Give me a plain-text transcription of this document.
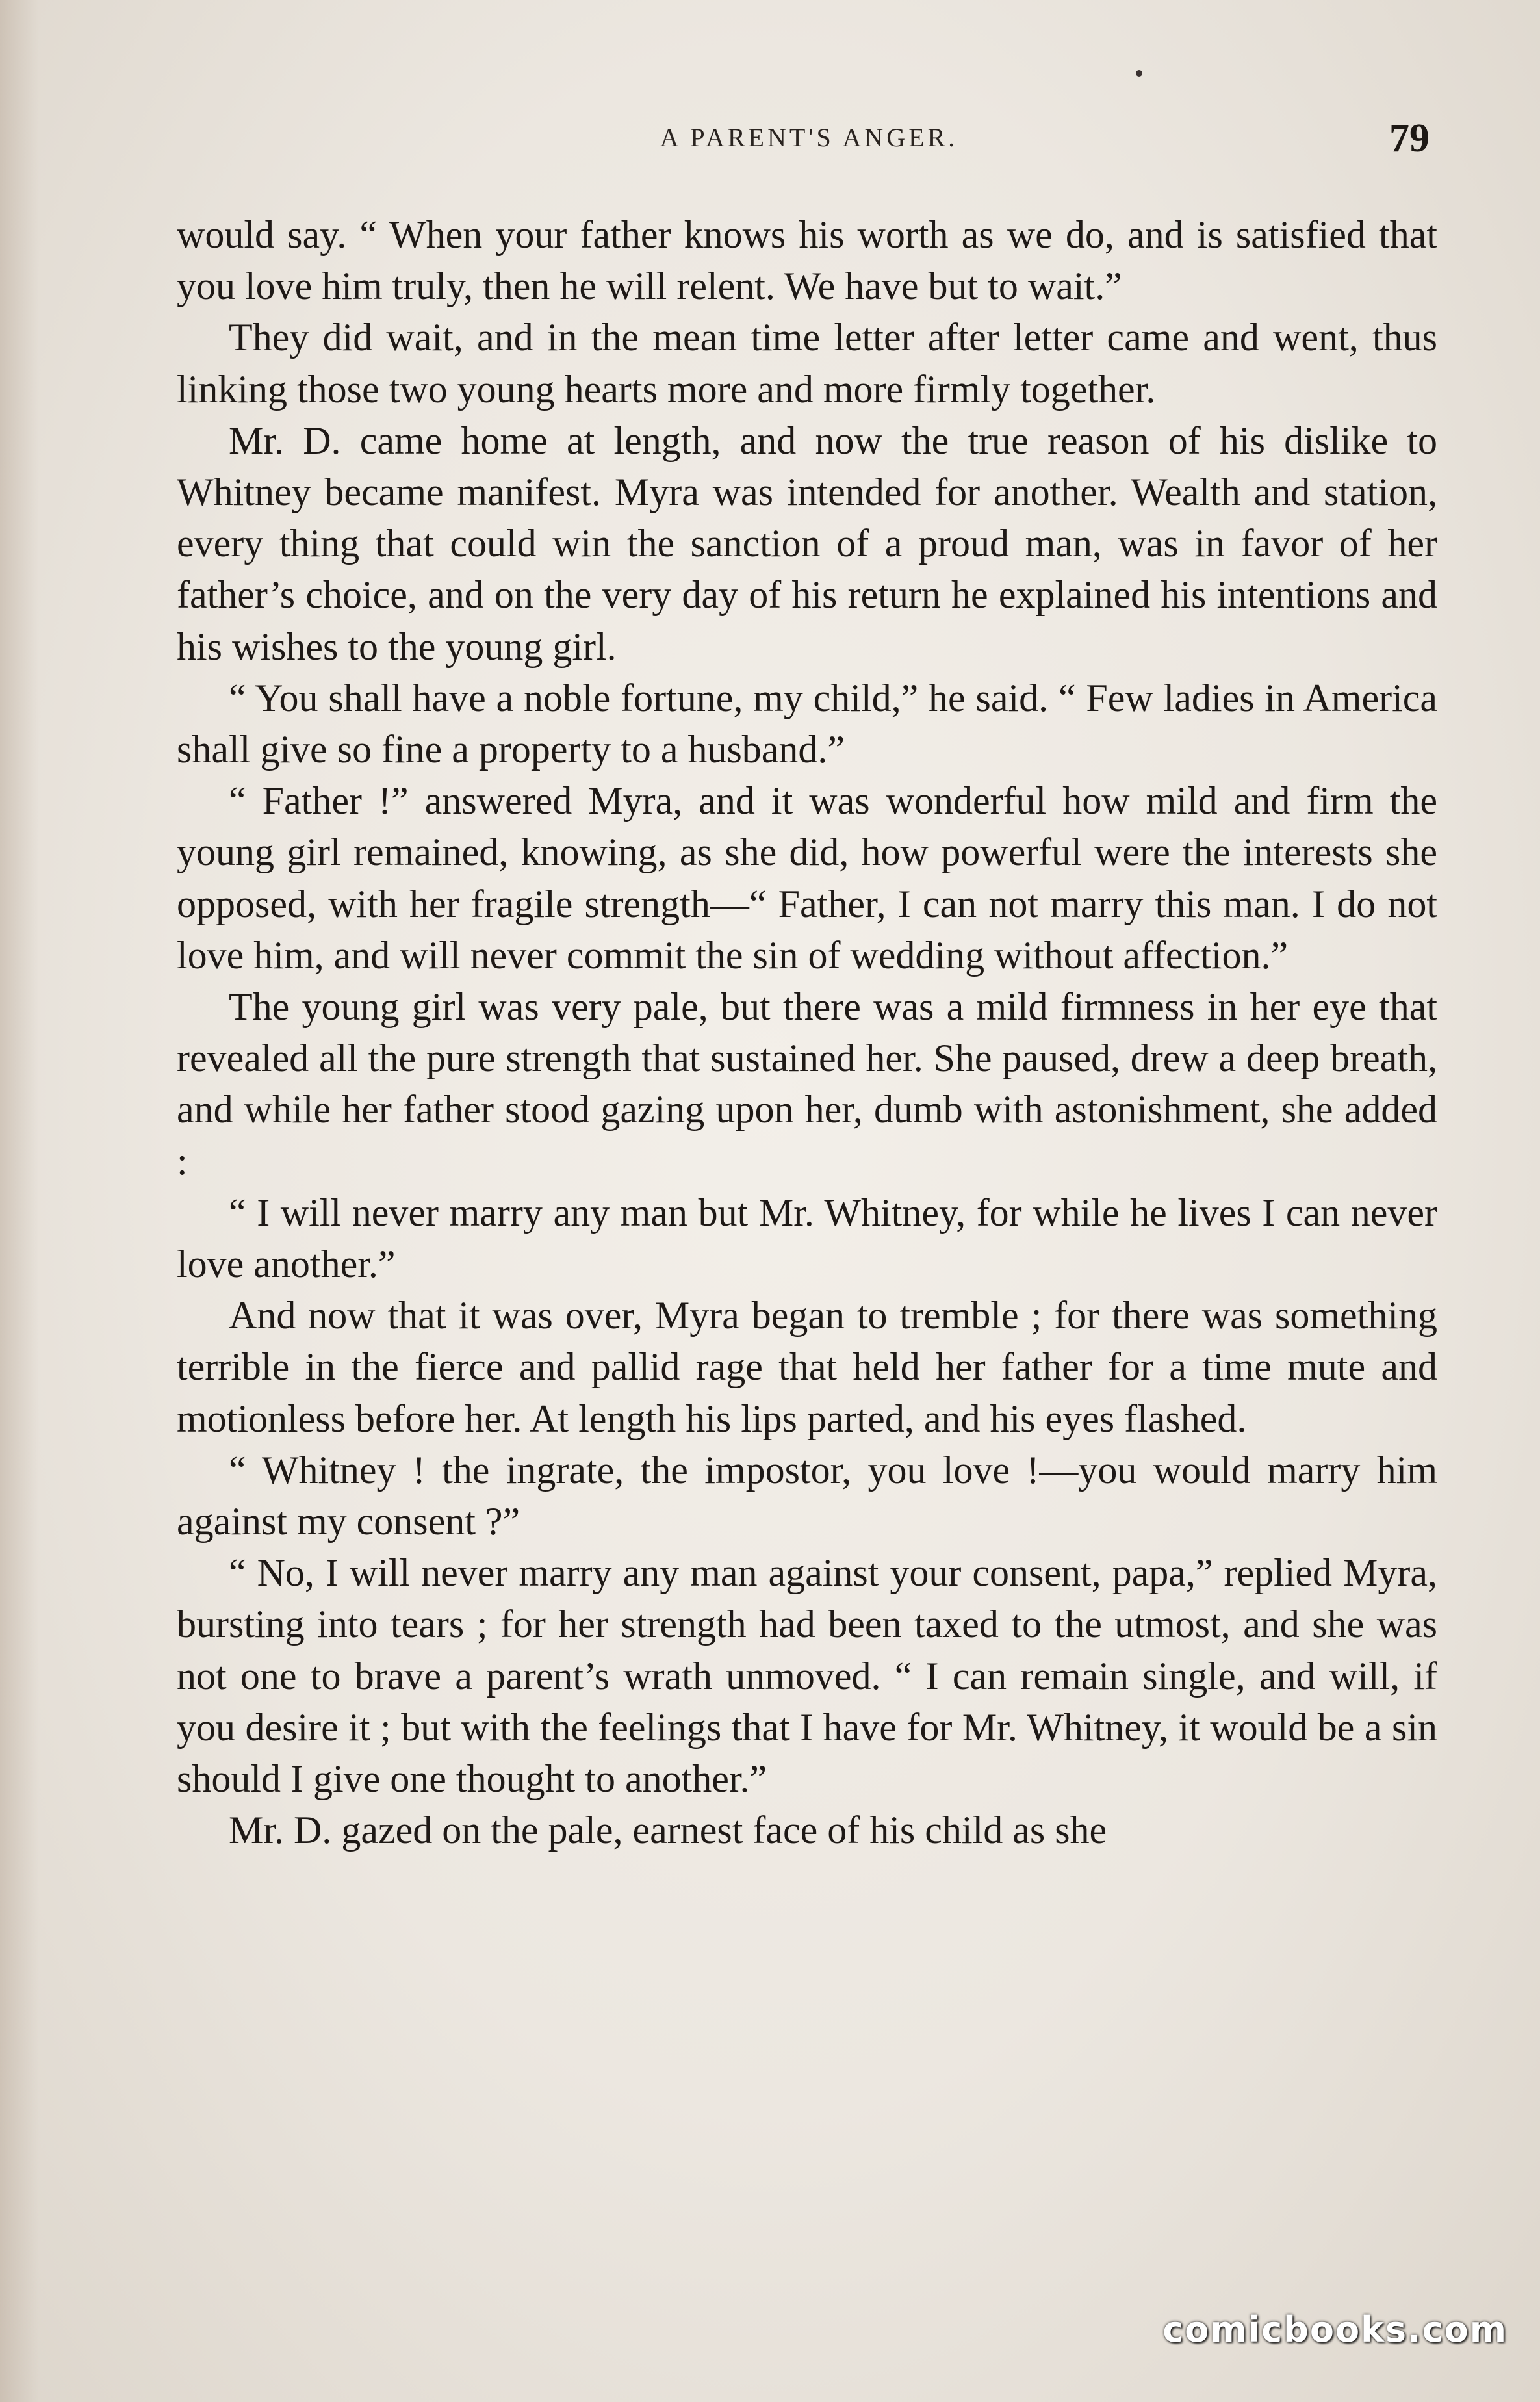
A PARENT'S ANGER.	79

would say. “ When your father knows his worth as we do, and is satisfied that you love him truly, then he will relent. We have but to wait.”

They did wait, and in the mean time letter after letter came and went, thus linking those two young hearts more and more firmly together.

Mr. D. came home at length, and now the true reason of his dislike to Whitney became manifest. Myra was intended for another. Wealth and station, every thing that could win the sanction of a proud man, was in favor of her father’s choice, and on the very day of his return he explained his intentions and his wishes to the young girl.

“ You shall have a noble fortune, my child,” he said. “ Few ladies in America shall give so fine a property to a husband.”

“ Father !” answered Myra, and it was wonderful how mild and firm the young girl remained, knowing, as she did, how powerful were the interests she opposed, with her fragile strength—“ Father, I can not marry this man. I do not love him, and will never commit the sin of wedding without affection.”

The young girl was very pale, but there was a mild firmness in her eye that revealed all the pure strength that sustained her. She paused, drew a deep breath, and while her father stood gazing upon her, dumb with astonishment, she added :

“ I will never marry any man but Mr. Whitney, for while he lives I can never love another.”

And now that it was over, Myra began to tremble ; for there was something terrible in the fierce and pallid rage that held her father for a time mute and motionless before her. At length his lips parted, and his eyes flashed.

“ Whitney ! the ingrate, the impostor, you love !—you would marry him against my consent ?”

“ No, I will never marry any man against your consent, papa,” replied Myra, bursting into tears ; for her strength had been taxed to the utmost, and she was not one to brave a parent’s wrath unmoved. “ I can remain single, and will, if you desire it ; but with the feelings that I have for Mr. Whitney, it would be a sin should I give one thought to another.”

Mr. D. gazed on the pale, earnest face of his child as she

comicbooks.com
